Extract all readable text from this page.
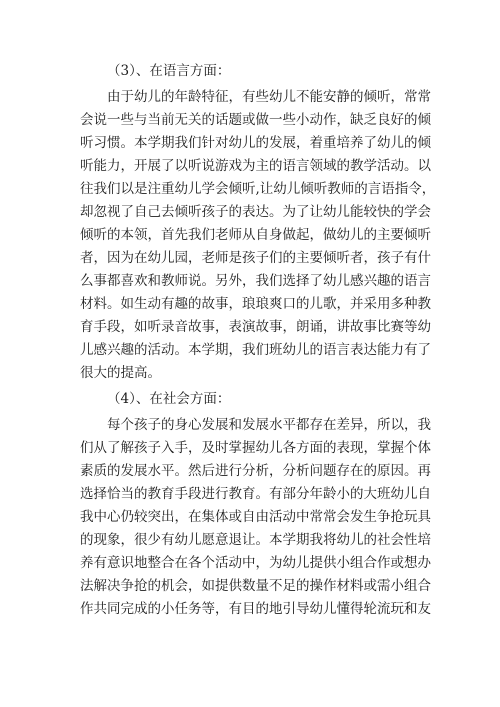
（3）、在语言方面：

由于幼儿的年龄特征，有些幼儿不能安静的倾听，常常
会说一些与当前无关的话题或做一些小动作，缺乏良好的倾
听习惯。本学期我们针对幼儿的发展，着重培养了幼儿的倾
听能力，开展了以听说游戏为主的语言领域的教学活动。以
往我们以是注重幼儿学会倾听,让幼儿倾听教师的言语指令，
却忽视了自己去倾听孩子的表达。为了让幼儿能较快的学会
倾听的本领，首先我们老师从自身做起，做幼儿的主要倾听
者，因为在幼儿园，老师是孩子们的主要倾听者，孩子有什
么事都喜欢和教师说。另外，我们选择了幼儿感兴趣的语言
材料。如生动有趣的故事，琅琅爽口的儿歌，并采用多种教
育手段，如听录音故事，表演故事，朗诵，讲故事比赛等幼
儿感兴趣的活动。本学期，我们班幼儿的语言表达能力有了
很大的提高。

（4）、在社会方面：

每个孩子的身心发展和发展水平都存在差异，所以，我
们从了解孩子入手，及时掌握幼儿各方面的表现，掌握个体
素质的发展水平。然后进行分析，分析问题存在的原因。再
选择恰当的教育手段进行教育。有部分年龄小的大班幼儿自
我中心仍较突出，在集体或自由活动中常常会发生争抢玩具
的现象，很少有幼儿愿意退让。本学期我将幼儿的社会性培
养有意识地整合在各个活动中，为幼儿提供小组合作或想办
法解决争抢的机会，如提供数量不足的操作材料或需小组合
作共同完成的小任务等，有目的地引导幼儿懂得轮流玩和友
